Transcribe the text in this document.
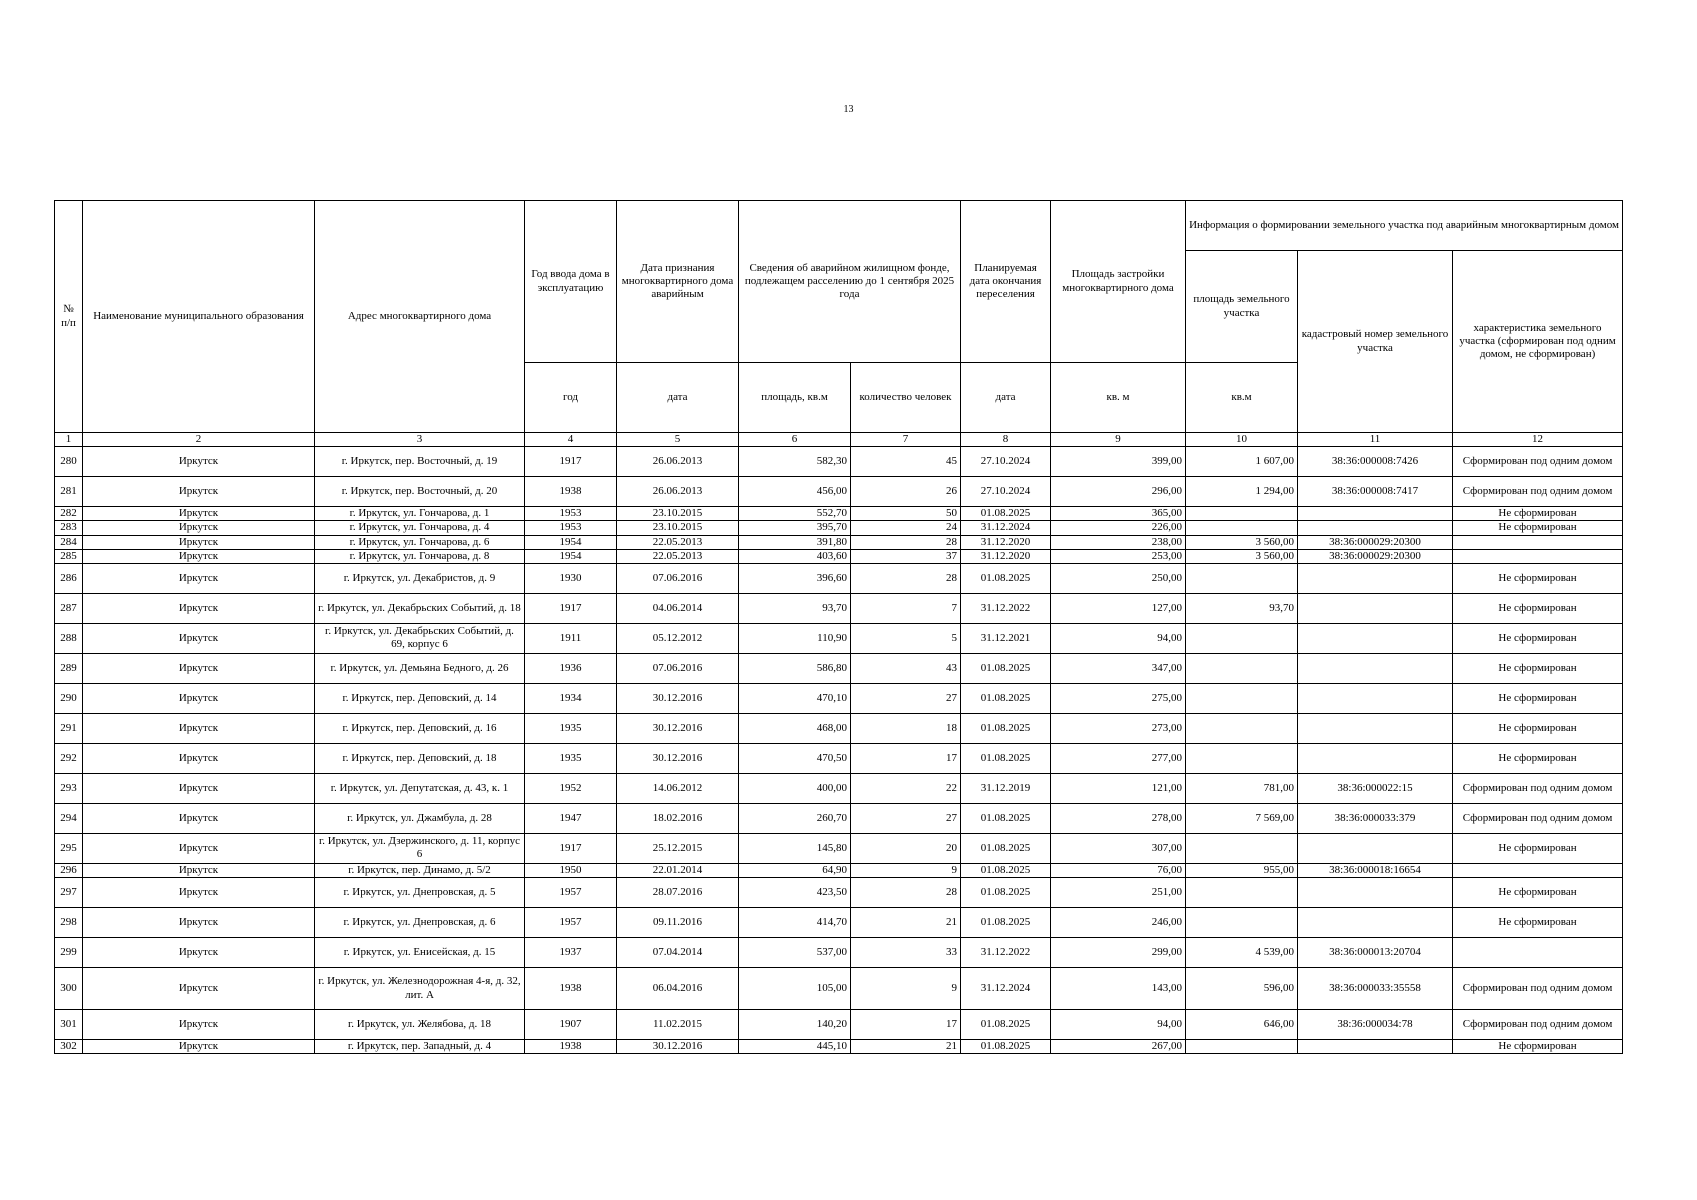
13
№ п/п	Наименование муниципального образования	Адрес многоквартирного дома	Год ввода дома в эксплуатацию	Дата признания многоквартирного дома аварийным	Сведения об аварийном жилищном фонде, подлежащем расселению до 1 сентября 2025 года		Планируемая дата окончания переселения	Площадь застройки многоквартирного дома	Информация о формировании земельного участка под аварийным многоквартирным домом		
									площадь земельного участка	кадастровый номер земельного участка	характеристика земельного участка (сформирован под одним домом, не сформирован)
			год	дата	площадь, кв.м	количество человек	дата	кв. м	кв.м		
1	2	3	4	5	6	7	8	9	10	11	12
280	Иркутск	г. Иркутск, пер. Восточный, д. 19	1917	26.06.2013	582,30	45	27.10.2024	399,00	1 607,00	38:36:000008:7426	Сформирован под одним домом
281	Иркутск	г. Иркутск, пер. Восточный, д. 20	1938	26.06.2013	456,00	26	27.10.2024	296,00	1 294,00	38:36:000008:7417	Сформирован под одним домом
282	Иркутск	г. Иркутск, ул. Гончарова, д. 1	1953	23.10.2015	552,70	50	01.08.2025	365,00			Не сформирован
283	Иркутск	г. Иркутск, ул. Гончарова, д. 4	1953	23.10.2015	395,70	24	31.12.2024	226,00			Не сформирован
284	Иркутск	г. Иркутск, ул. Гончарова, д. 6	1954	22.05.2013	391,80	28	31.12.2020	238,00	3 560,00	38:36:000029:20300	
285	Иркутск	г. Иркутск, ул. Гончарова, д. 8	1954	22.05.2013	403,60	37	31.12.2020	253,00	3 560,00	38:36:000029:20300	
286	Иркутск	г. Иркутск, ул. Декабристов, д. 9	1930	07.06.2016	396,60	28	01.08.2025	250,00			Не сформирован
287	Иркутск	г. Иркутск, ул. Декабрьских Событий, д. 18	1917	04.06.2014	93,70	7	31.12.2022	127,00	93,70		Не сформирован
288	Иркутск	г. Иркутск, ул. Декабрьских Событий, д. 69, корпус 6	1911	05.12.2012	110,90	5	31.12.2021	94,00			Не сформирован
289	Иркутск	г. Иркутск, ул. Демьяна Бедного, д. 26	1936	07.06.2016	586,80	43	01.08.2025	347,00			Не сформирован
290	Иркутск	г. Иркутск, пер. Деповский, д. 14	1934	30.12.2016	470,10	27	01.08.2025	275,00			Не сформирован
291	Иркутск	г. Иркутск, пер. Деповский, д. 16	1935	30.12.2016	468,00	18	01.08.2025	273,00			Не сформирован
292	Иркутск	г. Иркутск, пер. Деповский, д. 18	1935	30.12.2016	470,50	17	01.08.2025	277,00			Не сформирован
293	Иркутск	г. Иркутск, ул. Депутатская, д. 43, к. 1	1952	14.06.2012	400,00	22	31.12.2019	121,00	781,00	38:36:000022:15	Сформирован под одним домом
294	Иркутск	г. Иркутск, ул. Джамбула, д. 28	1947	18.02.2016	260,70	27	01.08.2025	278,00	7 569,00	38:36:000033:379	Сформирован под одним домом
295	Иркутск	г. Иркутск, ул. Дзержинского, д. 11, корпус 6	1917	25.12.2015	145,80	20	01.08.2025	307,00			Не сформирован
296	Иркутск	г. Иркутск, пер. Динамо, д. 5/2	1950	22.01.2014	64,90	9	01.08.2025	76,00	955,00	38:36:000018:16654	
297	Иркутск	г. Иркутск, ул. Днепровская, д. 5	1957	28.07.2016	423,50	28	01.08.2025	251,00			Не сформирован
298	Иркутск	г. Иркутск, ул. Днепровская, д. 6	1957	09.11.2016	414,70	21	01.08.2025	246,00			Не сформирован
299	Иркутск	г. Иркутск, ул. Енисейская, д. 15	1937	07.04.2014	537,00	33	31.12.2022	299,00	4 539,00	38:36:000013:20704	
300	Иркутск	г. Иркутск, ул. Железнодорожная 4-я, д. 32, лит. А	1938	06.04.2016	105,00	9	31.12.2024	143,00	596,00	38:36:000033:35558	Сформирован под одним домом
301	Иркутск	г. Иркутск, ул. Желябова, д. 18	1907	11.02.2015	140,20	17	01.08.2025	94,00	646,00	38:36:000034:78	Сформирован под одним домом
302	Иркутск	г. Иркутск, пер. Западный, д. 4	1938	30.12.2016	445,10	21	01.08.2025	267,00			Не сформирован
